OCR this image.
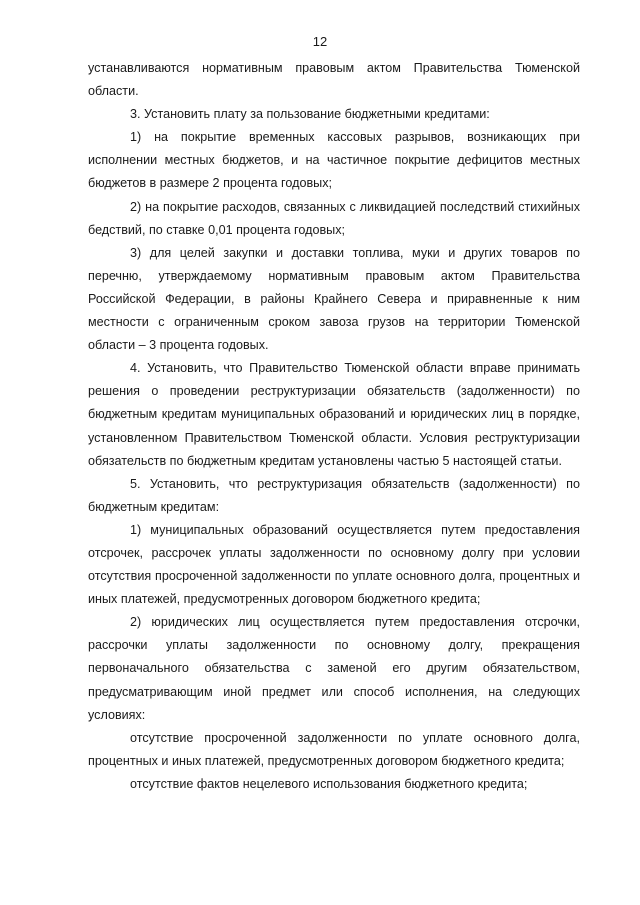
12

устанавливаются нормативным правовым актом Правительства Тюменской области.

3. Установить плату за пользование бюджетными кредитами:

1) на покрытие временных кассовых разрывов, возникающих при исполнении местных бюджетов, и на частичное покрытие дефицитов местных бюджетов в размере 2 процента годовых;

2) на покрытие расходов, связанных с ликвидацией последствий стихийных бедствий, по ставке 0,01 процента годовых;

3) для целей закупки и доставки топлива, муки и других товаров по перечню, утверждаемому нормативным правовым актом Правительства Российской Федерации, в районы Крайнего Севера и приравненные к ним местности с ограниченным сроком завоза грузов на территории Тюменской области – 3 процента годовых.

4. Установить, что Правительство Тюменской области вправе принимать решения о проведении реструктуризации обязательств (задолженности) по бюджетным кредитам муниципальных образований и юридических лиц в порядке, установленном Правительством Тюменской области. Условия реструктуризации обязательств по бюджетным кредитам установлены частью 5 настоящей статьи.

5. Установить, что реструктуризация обязательств (задолженности) по бюджетным кредитам:

1) муниципальных образований осуществляется путем предоставления отсрочек, рассрочек уплаты задолженности по основному долгу при условии отсутствия просроченной задолженности по уплате основного долга, процентных и иных платежей, предусмотренных договором бюджетного кредита;

2) юридических лиц осуществляется путем предоставления отсрочки, рассрочки уплаты задолженности по основному долгу, прекращения первоначального обязательства с заменой его другим обязательством, предусматривающим иной предмет или способ исполнения, на следующих условиях:

отсутствие просроченной задолженности по уплате основного долга, процентных и иных платежей, предусмотренных договором бюджетного кредита;

отсутствие фактов нецелевого использования бюджетного кредита;
